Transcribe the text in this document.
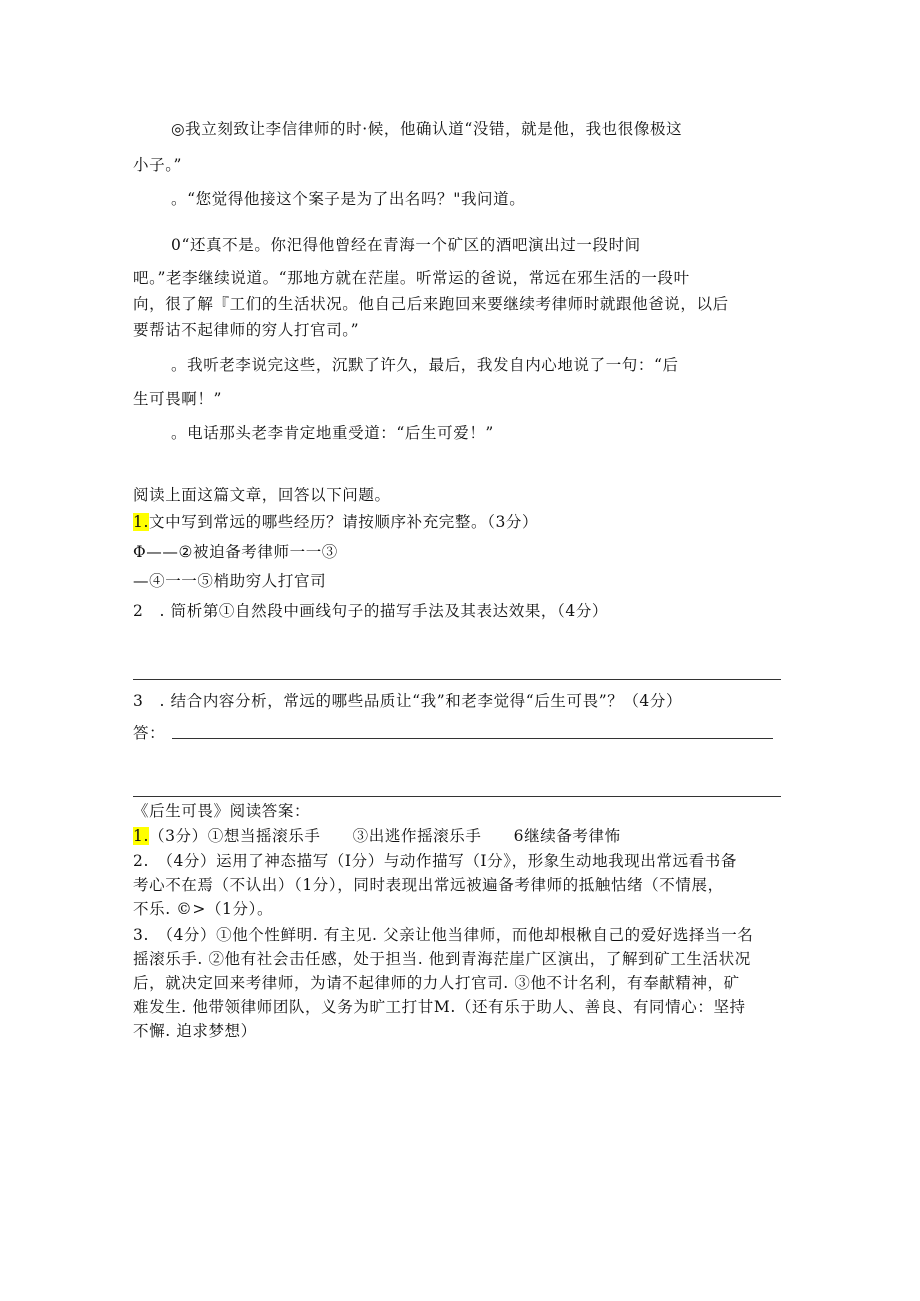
◎我立刻致让李信律师的时·候，他确认道“没错，就是他，我也很像极这
小子。”
。“您觉得他接这个案子是为了出名吗？"我问道。
0“还真不是。你汜得他曾经在青海一个矿区的酒吧演出过一段时间
吧。”老李继续说道。“那地方就在茫崖。听常运的爸说，常远在邪生活的一段叶
向，很了解『工们的生活状况。他自己后来跑回来要继续考律师时就跟他爸说，以后
要帮诂不起律师的穷人打官司。”
。我听老李说完这些，沉默了许久，最后，我发自内心地说了一句：“后
生可畏啊！”
。电话那头老李肯定地重受道：“后生可爱！”
阅读上面这篇文章，回答以下问题。
1.文中写到常远的哪些经历？请按顺序补充完整。（3分）
Φ——②被迫备考律师一一③
—④一一⑤梢助穷人打官司
2　. 筒析第①自然段中画线句子的描写手法及其表达效果，（4分）
3　. 结合内容分析，常远的哪些品质让“我”和老李觉得“后生可畏”？（4分）
答：
《后生可畏》阅读答案：
1.（3分）①想当摇滚乐手　　③出逃作摇滚乐手　　6继续备考律怖
2.　（4分）运用了神态描写（I分）与动作描写（I分》，形象生动地我现出常远看书备
考心不在焉（不认出）（1分），同时表现出常远被遍备考律师的抵触怙绪（不情展，
不乐. ©>（1分）。
3.　（4分）①他个性鲜明. 有主见. 父亲让他当律师，而他却根楸自己的爱好选择当一名
摇滚乐手. ②他有社会击任感，处于担当. 他到青海茫崖广区演出，了解到矿工生活状况
后，就决定回来考律师，为请不起律师的力人打官司. ③他不计名利，有奉献精神，矿
难发生. 他带领律师团队，义务为旷工打甘M.（还有乐于助人、善良、有同情心：坚持
不懈. 迫求梦想）
